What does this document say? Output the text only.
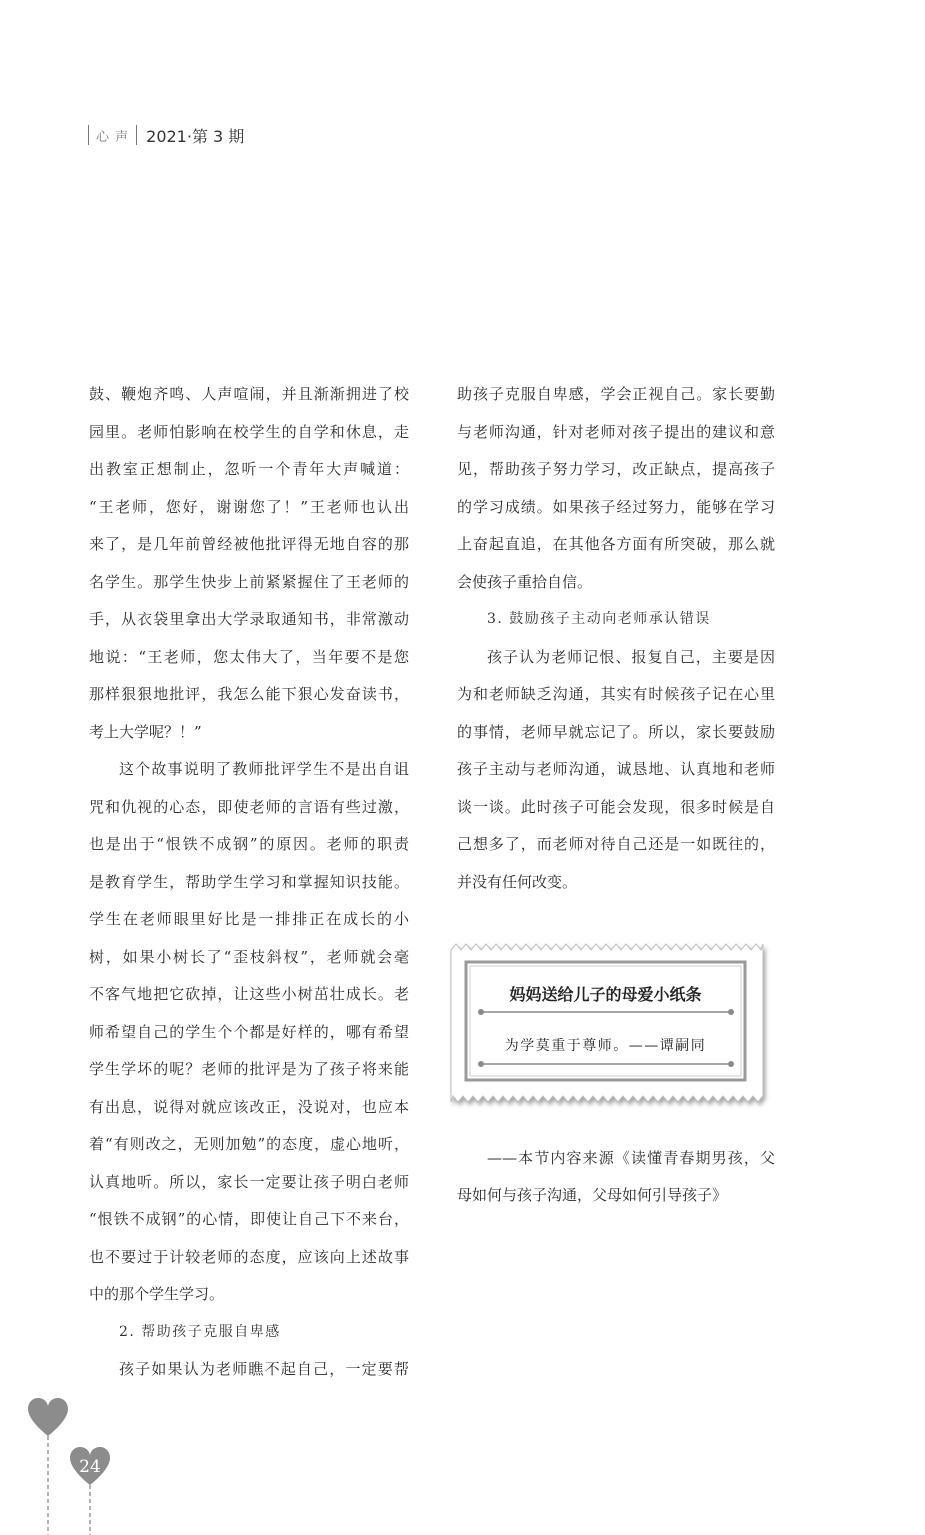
心 声 2021·第 3 期
鼓、鞭炮齐鸣、人声喧闹，并且渐渐拥进了校
园里。老师怕影响在校学生的自学和休息，走
出教室正想制止，忽听一个青年大声喊道：
“王老师，您好，谢谢您了！”王老师也认出
来了，是几年前曾经被他批评得无地自容的那
名学生。那学生快步上前紧紧握住了王老师的
手，从衣袋里拿出大学录取通知书，非常激动
地说：“王老师，您太伟大了，当年要不是您
那样狠狠地批评，我怎么能下狠心发奋读书，
考上大学呢？！”
这个故事说明了教师批评学生不是出自诅
咒和仇视的心态，即使老师的言语有些过激，
也是出于“恨铁不成钢”的原因。老师的职责
是教育学生，帮助学生学习和掌握知识技能。
学生在老师眼里好比是一排排正在成长的小
树，如果小树长了“歪枝斜杈”，老师就会毫
不客气地把它砍掉，让这些小树茁壮成长。老
师希望自己的学生个个都是好样的，哪有希望
学生学坏的呢？老师的批评是为了孩子将来能
有出息，说得对就应该改正，没说对，也应本
着“有则改之，无则加勉”的态度，虚心地听，
认真地听。所以，家长一定要让孩子明白老师
“恨铁不成钢”的心情，即使让自己下不来台，
也不要过于计较老师的态度，应该向上述故事
中的那个学生学习。
2. 帮助孩子克服自卑感
孩子如果认为老师瞧不起自己，一定要帮
助孩子克服自卑感，学会正视自己。家长要勤
与老师沟通，针对老师对孩子提出的建议和意
见，帮助孩子努力学习，改正缺点，提高孩子
的学习成绩。如果孩子经过努力，能够在学习
上奋起直追，在其他各方面有所突破，那么就
会使孩子重拾自信。
3. 鼓励孩子主动向老师承认错误
孩子认为老师记恨、报复自己，主要是因
为和老师缺乏沟通，其实有时候孩子记在心里
的事情，老师早就忘记了。所以，家长要鼓励
孩子主动与老师沟通，诚恳地、认真地和老师
谈一谈。此时孩子可能会发现，很多时候是自
己想多了，而老师对待自己还是一如既往的，
并没有任何改变。
妈妈送给儿子的母爱小纸条
为学莫重于尊师。——谭嗣同
——本节内容来源《读懂青春期男孩，父
母如何与孩子沟通，父母如何引导孩子》
24
